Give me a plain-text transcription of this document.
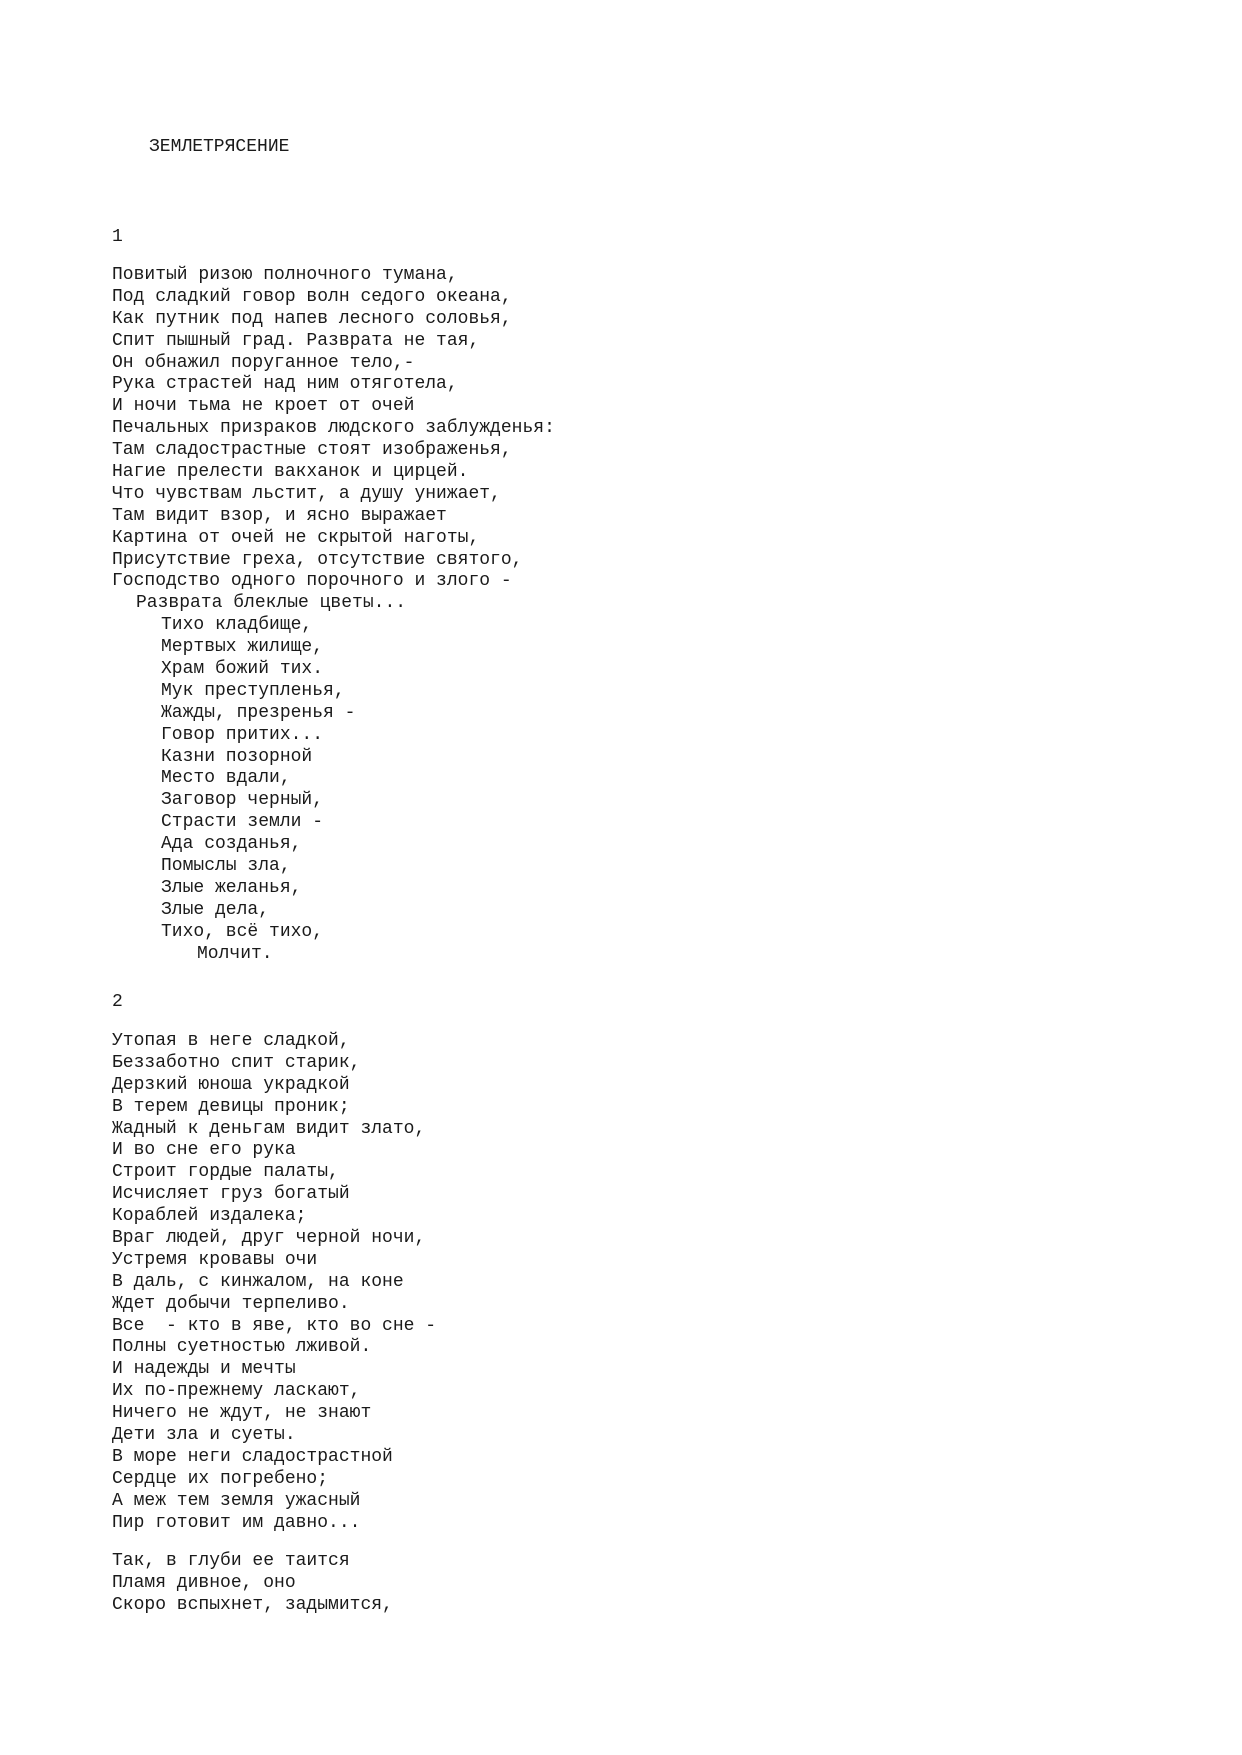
ЗЕМЛЕТРЯСЕНИЕ
1
Повитый ризою полночного тумана,
Под сладкий говор волн седого океана,
Как путник под напев лесного соловья,
Спит пышный град. Разврата не тая,
Он обнажил поруганное тело,-
Рука страстей над ним отяготела,
И ночи тьма не кроет от очей
Печальных призраков людского заблужденья:
Там сладострастные стоят изображенья,
Нагие прелести вакханок и цирцей.
Что чувствам льстит, а душу унижает,
Там видит взор, и ясно выражает
Картина от очей не скрытой наготы,
Присутствие греха, отсутствие святого,
Господство одного порочного и злого -
Разврата блеклые цветы...
Тихо кладбище,
Мертвых жилище,
Храм божий тих.
Мук преступленья,
Жажды, презренья -
Говор притих...
Казни позорной
Место вдали,
Заговор черный,
Страсти земли -
Ада созданья,
Помыслы зла,
Злые желанья,
Злые дела,
Тихо, всё тихо,
Молчит.
2
Утопая в неге сладкой,
Беззаботно спит старик,
Дерзкий юноша украдкой
В терем девицы проник;
Жадный к деньгам видит злато,
И во сне его рука
Строит гордые палаты,
Исчисляет груз богатый
Кораблей издалека;
Враг людей, друг черной ночи,
Устремя кровавы очи
В даль, с кинжалом, на коне
Ждет добычи терпеливо.
Все  - кто в яве, кто во сне -
Полны суетностью лживой.
И надежды и мечты
Их по-прежнему ласкают,
Ничего не ждут, не знают
Дети зла и суеты.
В море неги сладострастной
Сердце их погребено;
А меж тем земля ужасный
Пир готовит им давно...
Так, в глуби ее таится
Пламя дивное, оно
Скоро вспыхнет, задымится,
